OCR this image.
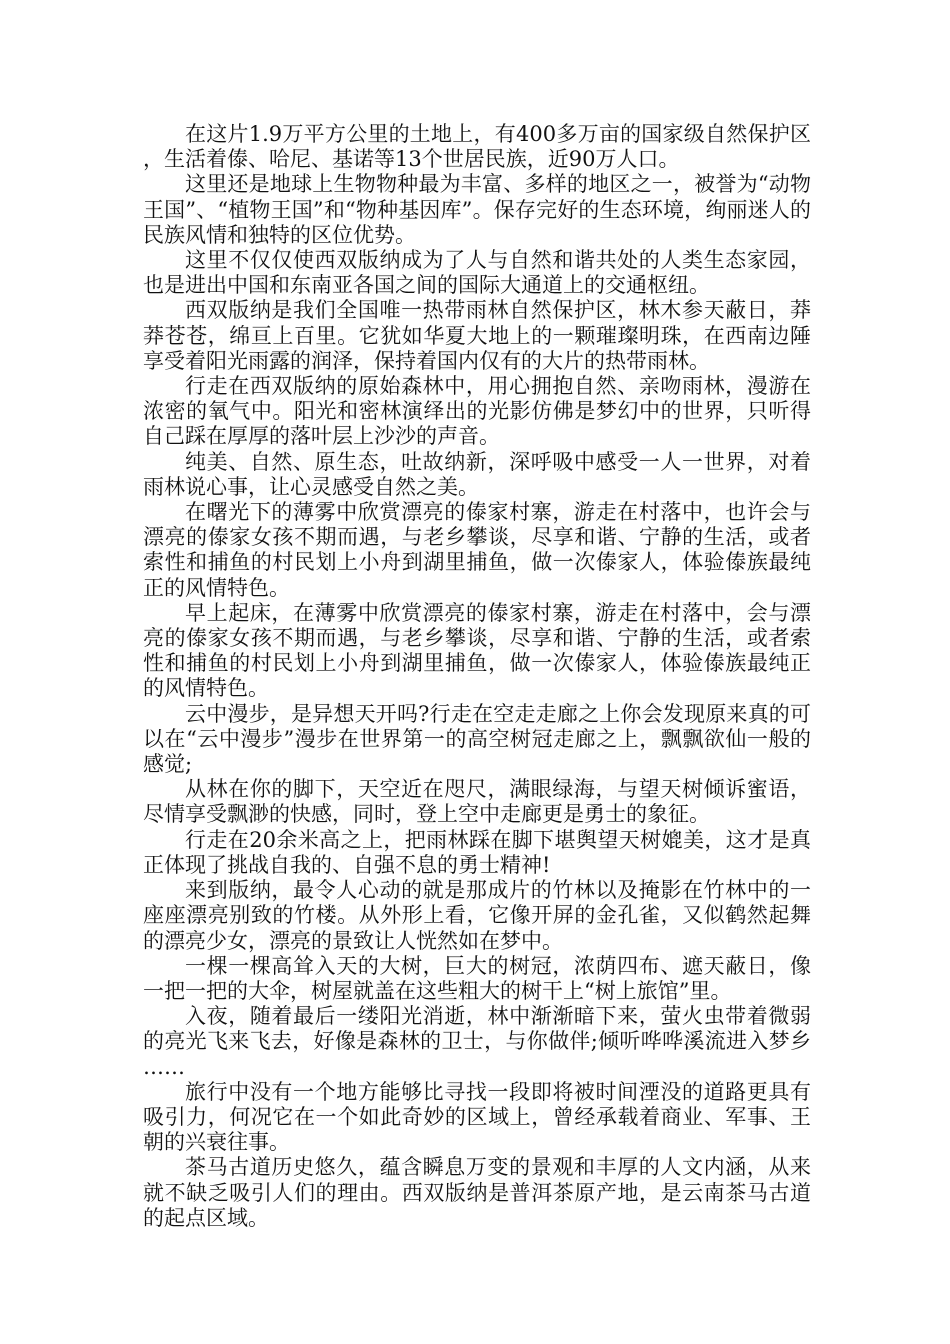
在这片1.9万平方公里的土地上，有400多万亩的国家级自然保护区，生活着傣、哈尼、基诺等13个世居民族，近90万人口。

这里还是地球上生物物种最为丰富、多样的地区之一，被誉为“动物王国”、“植物王国”和“物种基因库”。保存完好的生态环境，绚丽迷人的民族风情和独特的区位优势。

这里不仅仅使西双版纳成为了人与自然和谐共处的人类生态家园，也是进出中国和东南亚各国之间的国际大通道上的交通枢纽。

西双版纳是我们全国唯一热带雨林自然保护区，林木参天蔽日，莽莽苍苍，绵亘上百里。它犹如华夏大地上的一颗璀璨明珠，在西南边陲享受着阳光雨露的润泽，保持着国内仅有的大片的热带雨林。

行走在西双版纳的原始森林中，用心拥抱自然、亲吻雨林，漫游在浓密的氧气中。阳光和密林演绎出的光影仿佛是梦幻中的世界，只听得自己踩在厚厚的落叶层上沙沙的声音。

纯美、自然、原生态，吐故纳新，深呼吸中感受一人一世界，对着雨林说心事，让心灵感受自然之美。

在曙光下的薄雾中欣赏漂亮的傣家村寨，游走在村落中，也许会与漂亮的傣家女孩不期而遇，与老乡攀谈，尽享和谐、宁静的生活，或者索性和捕鱼的村民划上小舟到湖里捕鱼，做一次傣家人，体验傣族最纯正的风情特色。

早上起床，在薄雾中欣赏漂亮的傣家村寨，游走在村落中，会与漂亮的傣家女孩不期而遇，与老乡攀谈，尽享和谐、宁静的生活，或者索性和捕鱼的村民划上小舟到湖里捕鱼，做一次傣家人，体验傣族最纯正的风情特色。

云中漫步，是异想天开吗?行走在空走走廊之上你会发现原来真的可以在“云中漫步”漫步在世界第一的高空树冠走廊之上，飘飘欲仙一般的感觉;

从林在你的脚下，天空近在咫尺，满眼绿海，与望天树倾诉蜜语，尽情享受飘渺的快感，同时，登上空中走廊更是勇士的象征。

行走在20余米高之上，把雨林踩在脚下堪舆望天树媲美，这才是真正体现了挑战自我的、自强不息的勇士精神!

来到版纳，最令人心动的就是那成片的竹林以及掩影在竹林中的一座座漂亮别致的竹楼。从外形上看，它像开屏的金孔雀，又似鹤然起舞的漂亮少女，漂亮的景致让人恍然如在梦中。

一棵一棵高耸入天的大树，巨大的树冠，浓荫四布、遮天蔽日，像一把一把的大伞，树屋就盖在这些粗大的树干上“树上旅馆”里。

入夜，随着最后一缕阳光消逝，林中渐渐暗下来，萤火虫带着微弱的亮光飞来飞去，好像是森林的卫士，与你做伴;倾听哗哗溪流进入梦乡……

旅行中没有一个地方能够比寻找一段即将被时间湮没的道路更具有吸引力，何况它在一个如此奇妙的区域上，曾经承载着商业、军事、王朝的兴衰往事。

茶马古道历史悠久，蕴含瞬息万变的景观和丰厚的人文内涵，从来就不缺乏吸引人们的理由。西双版纳是普洱茶原产地，是云南茶马古道的起点区域。
